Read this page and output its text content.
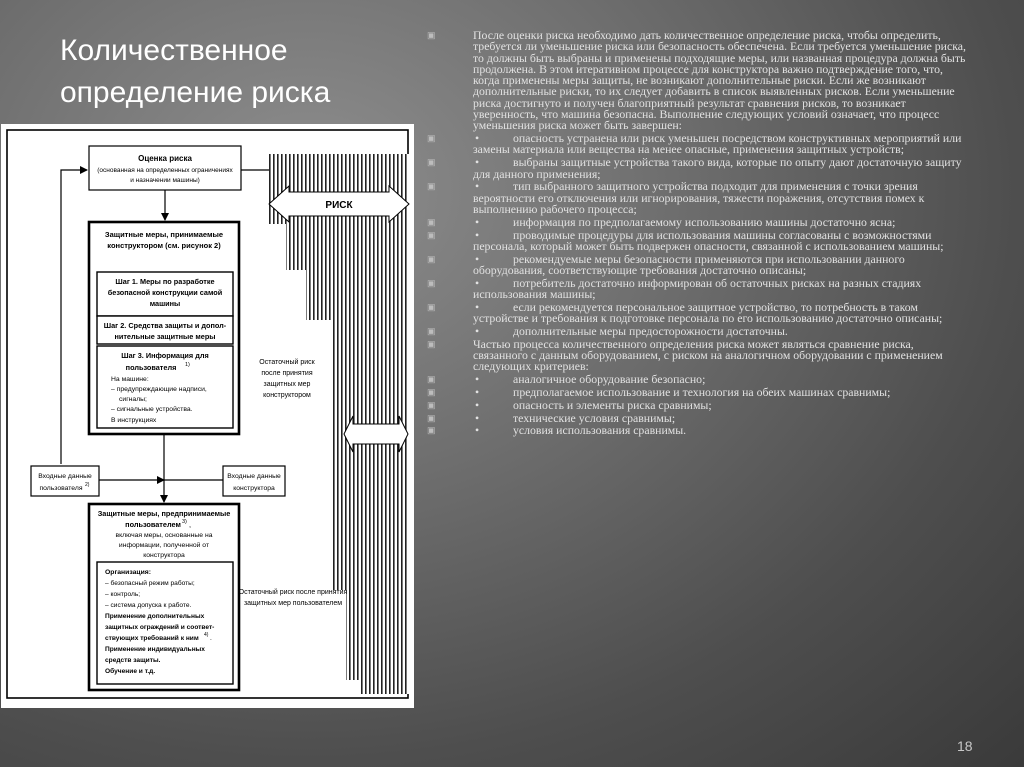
Количественное
определение риска
РИСК
Оценка риска
(основанная на определенных ограничениях
и назначении машины)
Защитные меры, принимаемые
конструктором (см. рисунок 2)
Шаг 1. Меры по разработке
безопасной конструкции самой
машины
Шаг 2. Средства защиты и допол-
нительные защитные меры
Шаг 3. Информация для
пользователя 1)
На машине:
– предупреждающие надписи,
сигналы;
– сигнальные устройства.
В инструкциях
Остаточный риск
после принятия
защитных мер
конструктором
Входные данные
пользователя 2)
Входные данные
конструктора
Защитные меры, предпринимаемые
пользователем 3) ,
включая меры, основанные на
информации, полученной от
конструктора
Организация:
– безопасный режим работы;
– контроль;
– система допуска к работе.
Применение дополнительных
защитных ограждений и соответ-
ствующих требований к ним 4) .
Применение индивидуальных
средств защиты.
Обучение и т.д.
Остаточный риск после принятия
защитных мер пользователем
▣	После оценки риска необходимо дать количественное определение риска, чтобы определить, требуется ли уменьшение риска или безопасность обеспечена. Если требуется уменьшение риска, то должны быть выбраны и применены подходящие меры, или названная процедура должна быть продолжена. В этом итеративном процессе для конструктора важно подтверждение того, что, когда применены меры защиты, не возникают дополнительные риски. Если же возникают дополнительные риски, то их следует добавить в список выявленных рисков. Если уменьшение риска достигнуто и получен благоприятный результат сравнения рисков, то возникает уверенность, что машина безопасна. Выполнение следующих условий означает, что процесс уменьшения риска может быть завершен:
▣	•	опасность устранена или риск уменьшен посредством конструктивных мероприятий или замены материала или вещества на менее опасные, применения защитных устройств;
▣	•	выбраны защитные устройства такого вида, которые по опыту дают достаточную защиту для данного применения;
▣	•	тип выбранного защитного устройства подходит для применения с точки зрения вероятности его отключения или игнорирования, тяжести поражения, отсутствия помех к выполнению рабочего процесса;
▣	•	информация по предполагаемому использованию машины достаточно ясна;
▣	•	проводимые процедуры для использования машины согласованы с возможностями персонала, который может быть подвержен опасности, связанной с использованием машины;
▣	•	рекомендуемые меры безопасности применяются при использовании данного оборудования, соответствующие требования достаточно описаны;
▣	•	потребитель достаточно информирован об остаточных рисках на разных стадиях использования машины;
▣	•	если рекомендуется персональное защитное устройство, то потребность в таком устройстве и требования к подготовке персонала по его использованию достаточно описаны;
▣	•	дополнительные меры предосторожности достаточны.
▣	Частью процесса количественного определения риска может являться сравнение риска, связанного с данным оборудованием, с риском на аналогичном оборудовании с применением следующих критериев:
▣	•	аналогичное оборудование безопасно;
▣	•	предполагаемое использование и технология на обеих машинах сравнимы;
▣	•	опасность и элементы риска сравнимы;
▣	•	технические условия сравнимы;
▣	•	условия использования сравнимы.
18
